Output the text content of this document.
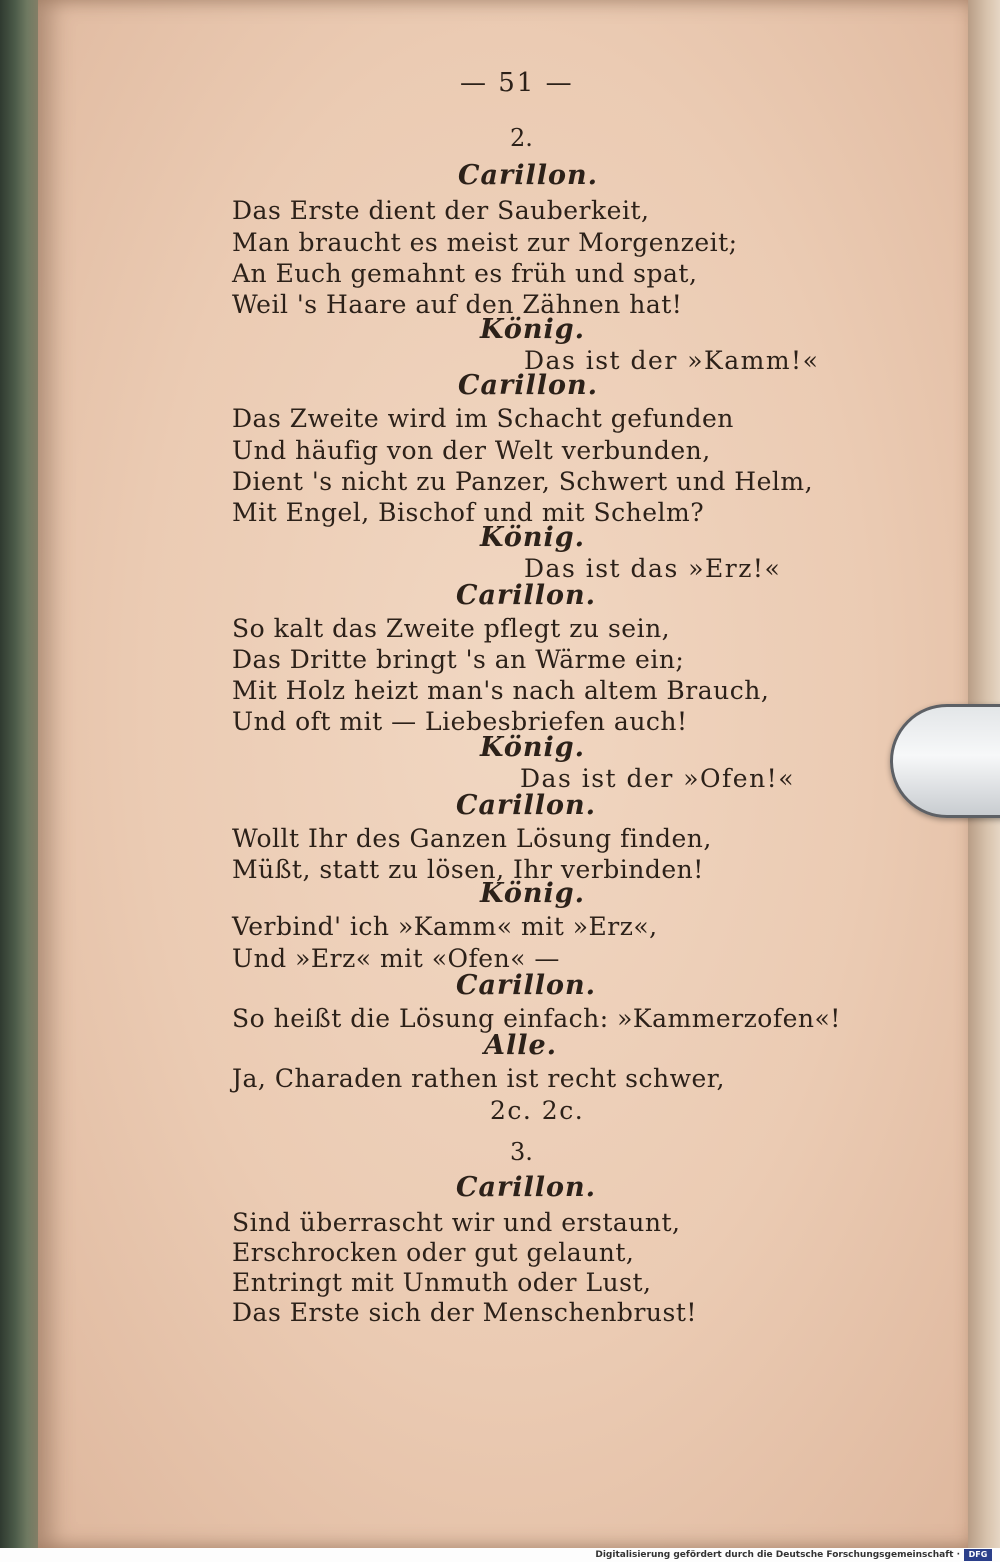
— 51 —
2.
Carillon.
Das Erste dient der Sauberkeit,
Man braucht es meist zur Morgenzeit;
An Euch gemahnt es früh und spat,
Weil 's Haare auf den Zähnen hat!
König.
Das ist der »Kamm!«
Carillon.
Das Zweite wird im Schacht gefunden
Und häufig von der Welt verbunden,
Dient 's nicht zu Panzer, Schwert und Helm,
Mit Engel, Bischof und mit Schelm?
König.
Das ist das »Erz!«
Carillon.
So kalt das Zweite pflegt zu sein,
Das Dritte bringt 's an Wärme ein;
Mit Holz heizt man's nach altem Brauch,
Und oft mit — Liebesbriefen auch!
König.
Das ist der »Ofen!«
Carillon.
Wollt Ihr des Ganzen Lösung finden,
Müßt, statt zu lösen, Ihr verbinden!
König.
Verbind' ich »Kamm« mit »Erz«,
Und »Erz« mit «Ofen« —
Carillon.
So heißt die Lösung einfach: »Kammerzofen«!
Alle.
Ja, Charaden rathen ist recht schwer,
2c. 2c.
3.
Carillon.
Sind überrascht wir und erstaunt,
Erschrocken oder gut gelaunt,
Entringt mit Unmuth oder Lust,
Das Erste sich der Menschenbrust!
Digitalisierung gefördert durch die Deutsche Forschungsgemeinschaft ·	DFG
